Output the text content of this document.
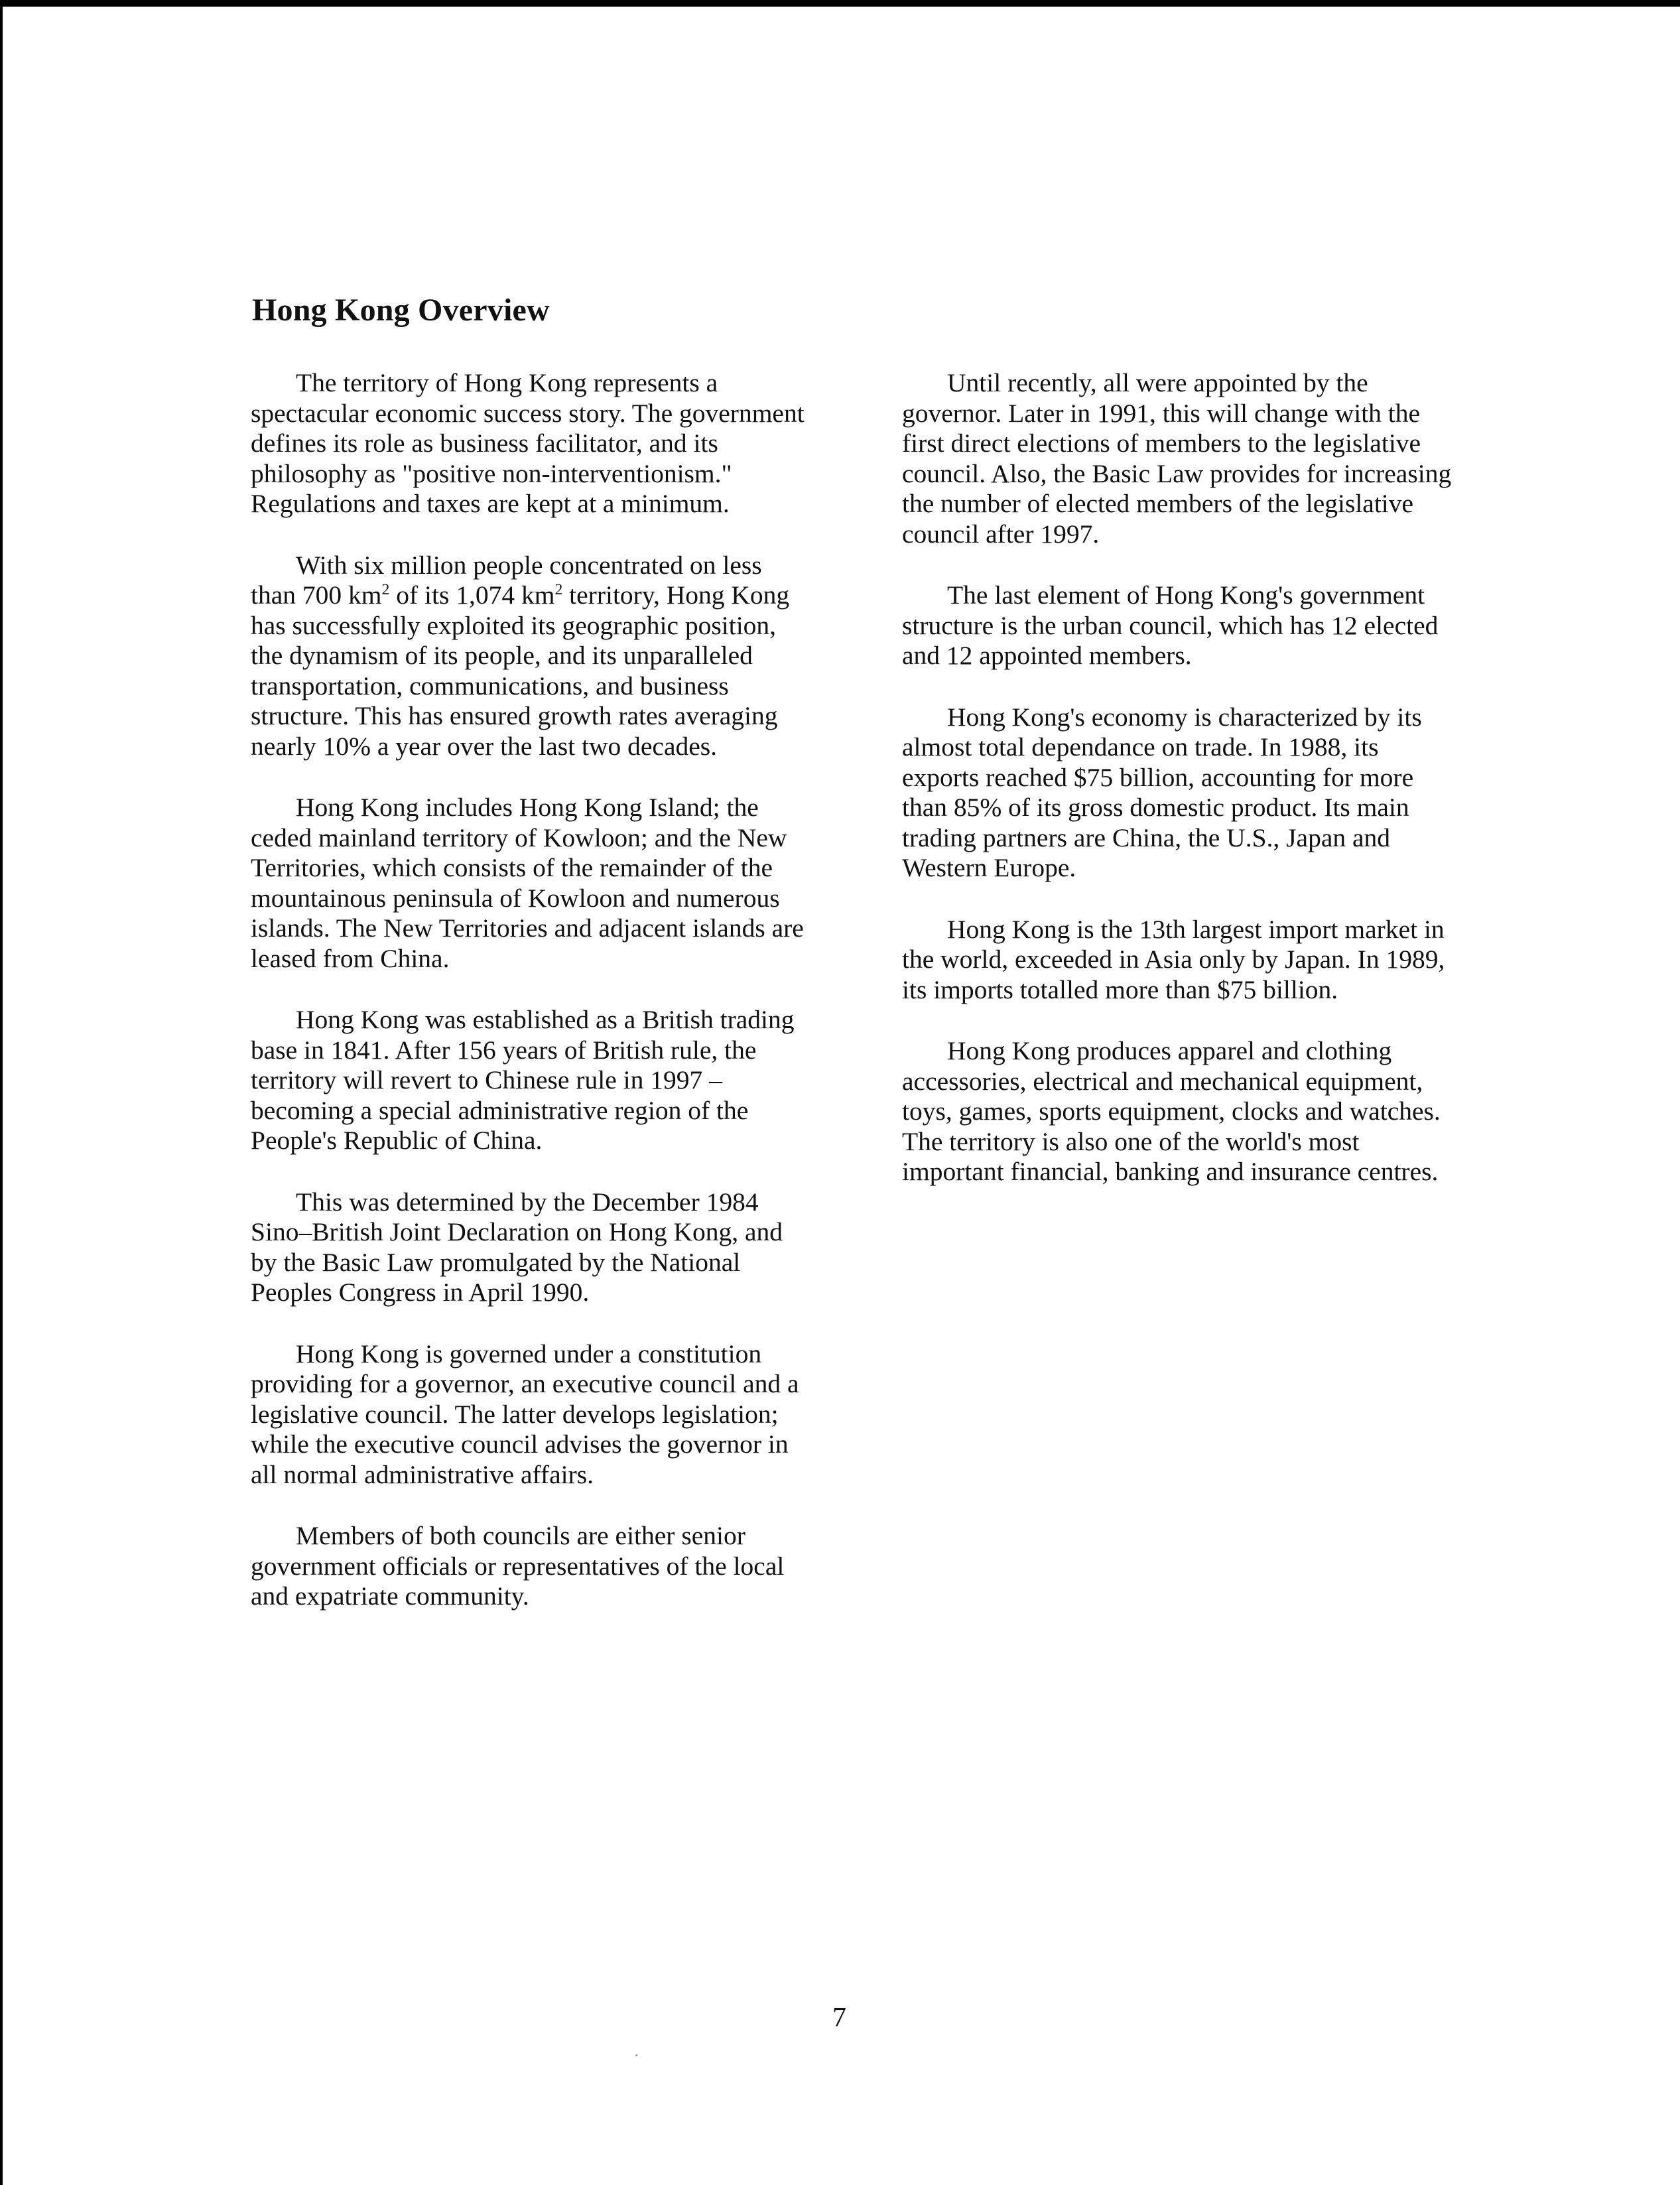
Hong Kong Overview

The territory of Hong Kong represents a spectacular economic success story. The government defines its role as business facilitator, and its philosophy as "positive non-interventionism." Regulations and taxes are kept at a minimum.

With six million people concentrated on less than 700 $km^2$ of its 1,074 $km^2$ territory, Hong Kong has successfully exploited its geographic position, the dynamism of its people, and its unparalleled transportation, communications, and business structure. This has ensured growth rates averaging nearly 10% a year over the last two decades.

Hong Kong includes Hong Kong Island; the ceded mainland territory of Kowloon; and the New Territories, which consists of the remainder of the mountainous peninsula of Kowloon and numerous islands. The New Territories and adjacent islands are leased from China.

Hong Kong was established as a British trading base in 1841. After 156 years of British rule, the territory will revert to Chinese rule in 1997 – becoming a special administrative region of the People's Republic of China.

This was determined by the December 1984 Sino–British Joint Declaration on Hong Kong, and by the Basic Law promulgated by the National Peoples Congress in April 1990.

Hong Kong is governed under a constitution providing for a governor, an executive council and a legislative council. The latter develops legislation; while the executive council advises the governor in all normal administrative affairs.

Members of both councils are either senior government officials or representatives of the local and expatriate community.

Until recently, all were appointed by the governor. Later in 1991, this will change with the first direct elections of members to the legislative council. Also, the Basic Law provides for increasing the number of elected members of the legislative council after 1997.

The last element of Hong Kong's government structure is the urban council, which has 12 elected and 12 appointed members.

Hong Kong's economy is characterized by its almost total dependance on trade. In 1988, its exports reached $75 billion, accounting for more than 85% of its gross domestic product. Its main trading partners are China, the U.S., Japan and Western Europe.

Hong Kong is the 13th largest import market in the world, exceeded in Asia only by Japan. In 1989, its imports totalled more than $75 billion.

Hong Kong produces apparel and clothing accessories, electrical and mechanical equipment, toys, games, sports equipment, clocks and watches. The territory is also one of the world's most important financial, banking and insurance centres.

7
